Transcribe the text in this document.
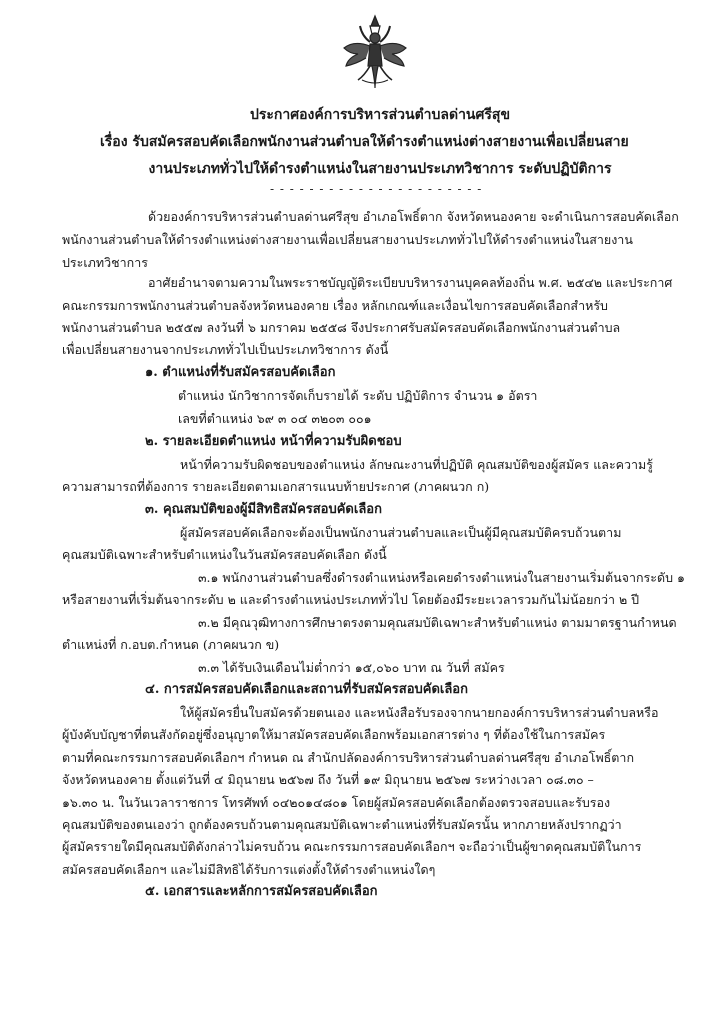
ประกาศองค์การบริหารส่วนตำบลด่านศรีสุข
เรื่อง รับสมัครสอบคัดเลือกพนักงานส่วนตำบลให้ดำรงตำแหน่งต่างสายงานเพื่อเปลี่ยนสาย
งานประเภททั่วไปให้ดำรงตำแหน่งในสายงานประเภทวิชาการ ระดับปฏิบัติการ
- - - - - - - - - - - - - - - - - - - - - -
ด้วยองค์การบริหารส่วนตำบลด่านศรีสุข อำเภอโพธิ์ตาก จังหวัดหนองคาย จะดำเนินการสอบคัดเลือก
พนักงานส่วนตำบลให้ดำรงตำแหน่งต่างสายงานเพื่อเปลี่ยนสายงานประเภททั่วไปให้ดำรงตำแหน่งในสายงาน
ประเภทวิชาการ
อาศัยอำนาจตามความในพระราชบัญญัติระเบียบบริหารงานบุคคลท้องถิ่น พ.ศ. ๒๕๔๒ และประกาศ
คณะกรรมการพนักงานส่วนตำบลจังหวัดหนองคาย เรื่อง หลักเกณฑ์และเงื่อนไขการสอบคัดเลือกสำหรับ
พนักงานส่วนตำบล ๒๕๕๗ ลงวันที่ ๖ มกราคม ๒๕๕๘ จึงประกาศรับสมัครสอบคัดเลือกพนักงานส่วนตำบล
เพื่อเปลี่ยนสายงานจากประเภททั่วไปเป็นประเภทวิชาการ ดังนี้
๑. ตำแหน่งที่รับสมัครสอบคัดเลือก
ตำแหน่ง นักวิชาการจัดเก็บรายได้ ระดับ ปฏิบัติการ จำนวน ๑ อัตรา
เลขที่ตำแหน่ง ๖๙ ๓ ๐๔ ๓๒๐๓ ๐๐๑
๒. รายละเอียดตำแหน่ง หน้าที่ความรับผิดชอบ
หน้าที่ความรับผิดชอบของตำแหน่ง ลักษณะงานที่ปฏิบัติ คุณสมบัติของผู้สมัคร และความรู้
ความสามารถที่ต้องการ รายละเอียดตามเอกสารแนบท้ายประกาศ (ภาคผนวก ก)
๓. คุณสมบัติของผู้มีสิทธิสมัครสอบคัดเลือก
ผู้สมัครสอบคัดเลือกจะต้องเป็นพนักงานส่วนตำบลและเป็นผู้มีคุณสมบัติครบถ้วนตาม
คุณสมบัติเฉพาะสำหรับตำแหน่งในวันสมัครสอบคัดเลือก ดังนี้
๓.๑ พนักงานส่วนตำบลซึ่งดำรงตำแหน่งหรือเคยดำรงตำแหน่งในสายงานเริ่มต้นจากระดับ ๑
หรือสายงานที่เริ่มต้นจากระดับ ๒ และดำรงตำแหน่งประเภททั่วไป โดยต้องมีระยะเวลารวมกันไม่น้อยกว่า ๒ ปี
๓.๒ มีคุณวุฒิทางการศึกษาตรงตามคุณสมบัติเฉพาะสำหรับตำแหน่ง ตามมาตรฐานกำหนด
ตำแหน่งที่ ก.อบต.กำหนด (ภาคผนวก ข)
๓.๓ ได้รับเงินเดือนไม่ต่ำกว่า ๑๕,๐๖๐ บาท ณ วันที่ สมัคร
๔. การสมัครสอบคัดเลือกและสถานที่รับสมัครสอบคัดเลือก
ให้ผู้สมัครยื่นใบสมัครด้วยตนเอง และหนังสือรับรองจากนายกองค์การบริหารส่วนตำบลหรือ
ผู้บังคับบัญชาที่ตนสังกัดอยู่ซึ่งอนุญาตให้มาสมัครสอบคัดเลือกพร้อมเอกสารต่าง ๆ ที่ต้องใช้ในการสมัคร
ตามที่คณะกรรมการสอบคัดเลือกฯ กำหนด ณ สำนักปลัดองค์การบริหารส่วนตำบลด่านศรีสุข อำเภอโพธิ์ตาก
จังหวัดหนองคาย ตั้งแต่วันที่ ๔ มิถุนายน ๒๕๖๗ ถึง วันที่ ๑๙ มิถุนายน ๒๕๖๗ ระหว่างเวลา ๐๘.๓๐ –
๑๖.๓๐ น. ในวันเวลาราชการ โทรศัพท์ ๐๔๒๐๑๔๘๐๑ โดยผู้สมัครสอบคัดเลือกต้องตรวจสอบและรับรอง
คุณสมบัติของตนเองว่า ถูกต้องครบถ้วนตามคุณสมบัติเฉพาะตำแหน่งที่รับสมัครนั้น หากภายหลังปรากฏว่า
ผู้สมัครรายใดมีคุณสมบัติดังกล่าวไม่ครบถ้วน คณะกรรมการสอบคัดเลือกฯ จะถือว่าเป็นผู้ขาดคุณสมบัติในการ
สมัครสอบคัดเลือกฯ และไม่มีสิทธิได้รับการแต่งตั้งให้ดำรงตำแหน่งใดๆ
๕. เอกสารและหลักการสมัครสอบคัดเลือก
